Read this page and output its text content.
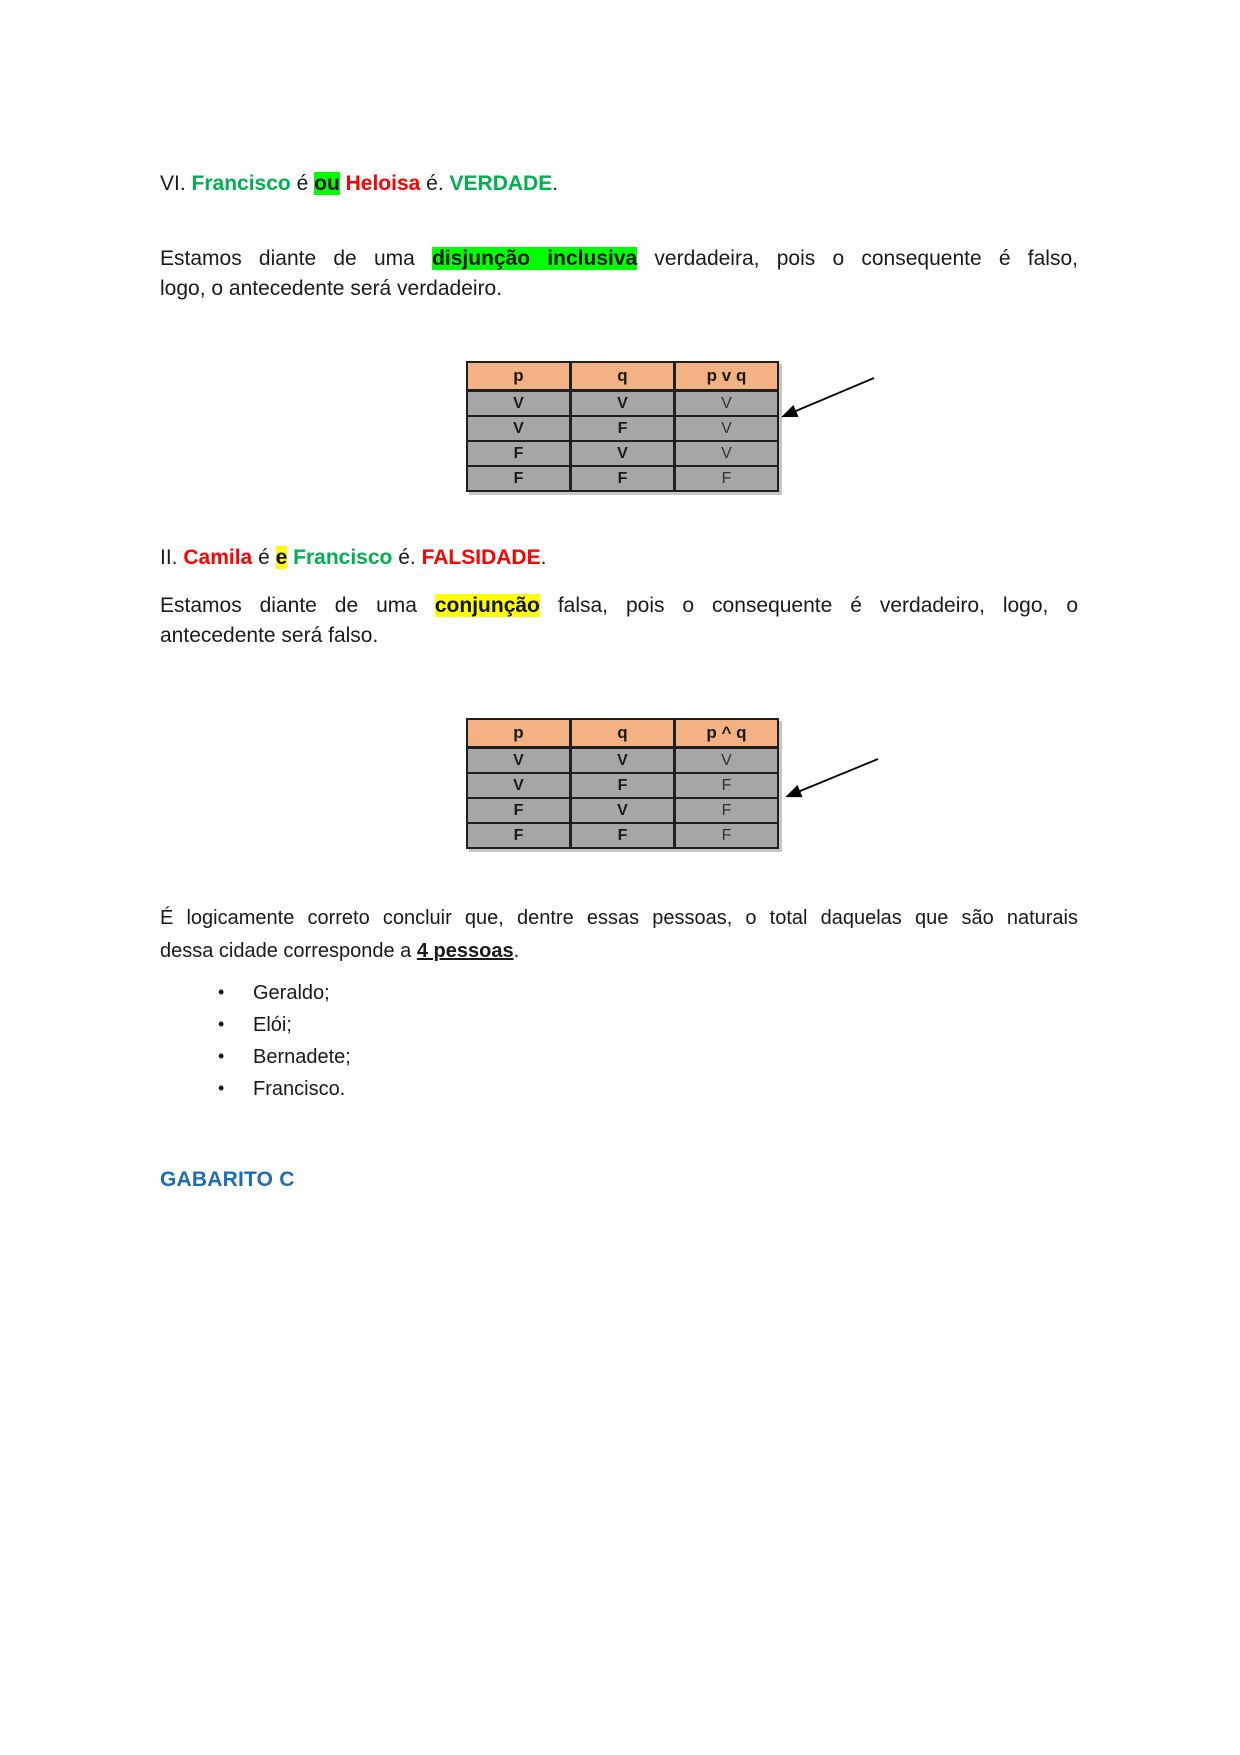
VI. Francisco é ou Heloisa é. VERDADE.
Estamos diante de uma disjunção inclusiva verdadeira, pois o consequente é falso,
logo, o antecedente será verdadeiro.
p	q	p v q
V	V	V
V	F	V
F	V	V
F	F	F
II. Camila é e Francisco é. FALSIDADE.
Estamos diante de uma conjunção falsa, pois o consequente é verdadeiro, logo, o
antecedente será falso.
p	q	p ^ q
V	V	V
V	F	F
F	V	F
F	F	F
É logicamente correto concluir que, dentre essas pessoas, o total daquelas que são naturais
dessa cidade corresponde a 4 pessoas.
• Geraldo;
• Elói;
• Bernadete;
• Francisco.
GABARITO C
